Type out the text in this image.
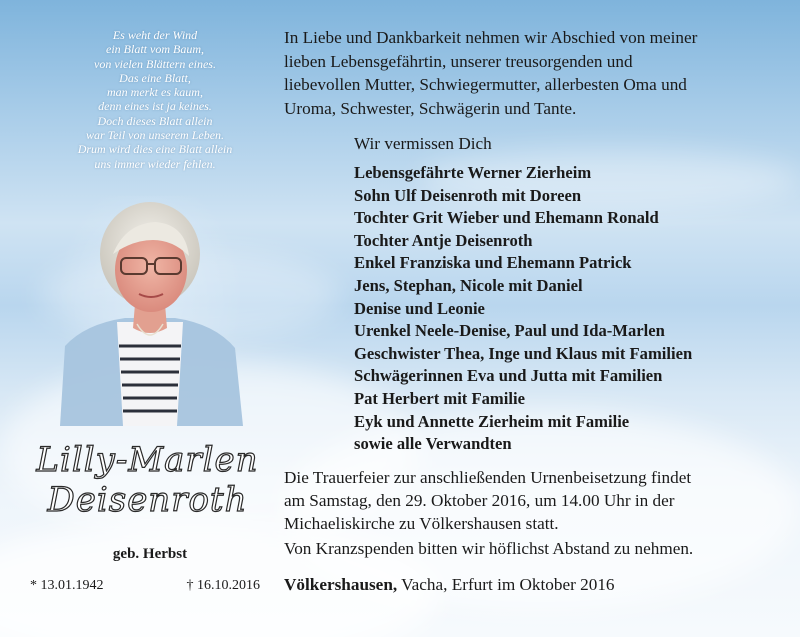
Es weht der Wind
ein Blatt vom Baum,
von vielen Blättern eines.
Das eine Blatt,
man merkt es kaum,
denn eines ist ja keines.
Doch dieses Blatt allein
war Teil von unserem Leben.
Drum wird dies eine Blatt allein
uns immer wieder fehlen.
Lilly-Marlen
Deisenroth
geb. Herbst
* 13.01.1942	† 16.10.2016
In Liebe und Dankbarkeit nehmen wir Abschied von meiner
lieben Lebensgefährtin, unserer treusorgenden und
liebevollen Mutter, Schwiegermutter, allerbesten Oma und
Uroma, Schwester, Schwägerin und Tante.
Wir vermissen Dich
Lebensgefährte Werner Zierheim
Sohn Ulf Deisenroth mit Doreen
Tochter Grit Wieber und Ehemann Ronald
Tochter Antje Deisenroth
Enkel Franziska und Ehemann Patrick
Jens, Stephan, Nicole mit Daniel
Denise und Leonie
Urenkel Neele-Denise, Paul und Ida-Marlen
Geschwister Thea, Inge und Klaus mit Familien
Schwägerinnen Eva und Jutta mit Familien
Pat Herbert mit Familie
Eyk und Annette Zierheim mit Familie
sowie alle Verwandten
Die Trauerfeier zur anschließenden Urnenbeisetzung findet
am Samstag, den 29. Oktober 2016, um 14.00 Uhr in der
Michaeliskirche zu Völkershausen statt.
Von Kranzspenden bitten wir höflichst Abstand zu nehmen.
Völkershausen, Vacha, Erfurt im Oktober 2016
